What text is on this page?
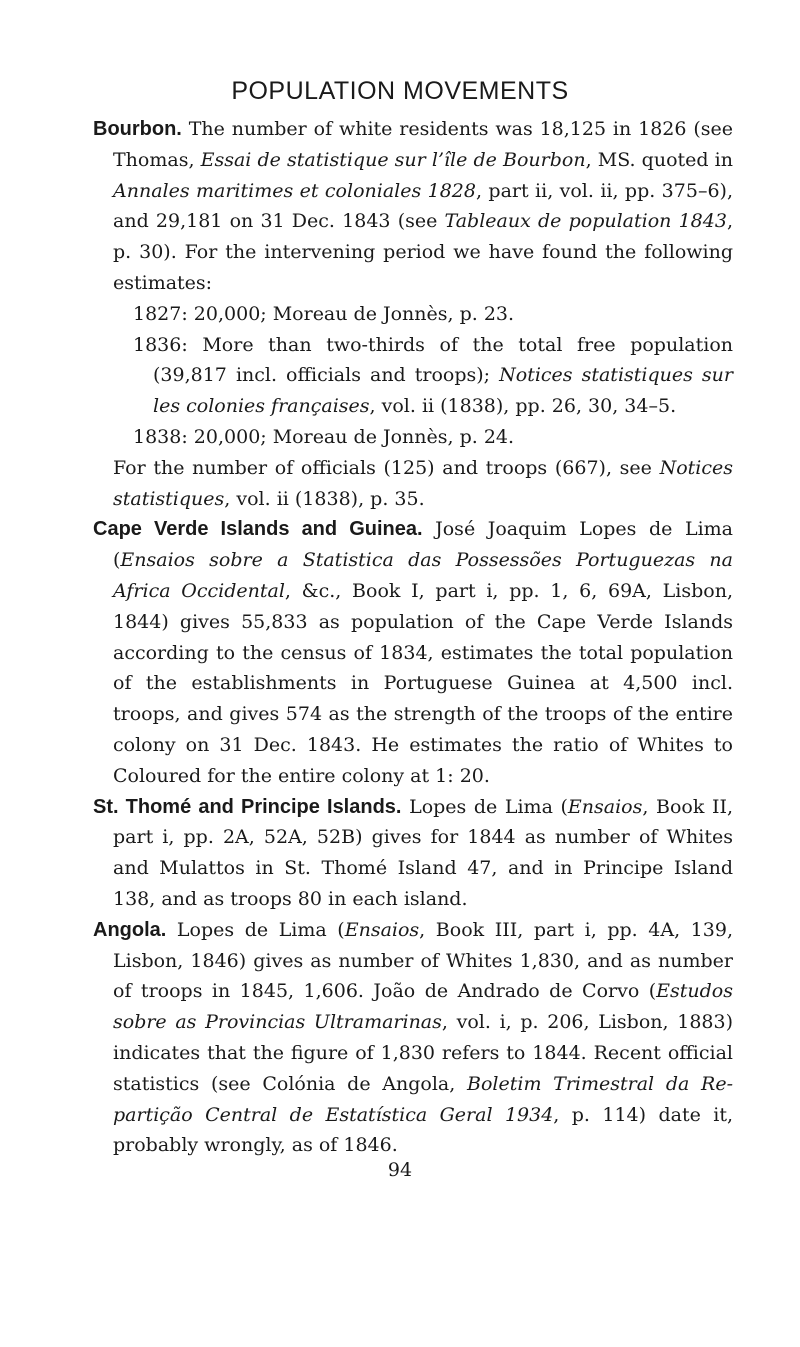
POPULATION MOVEMENTS

Bourbon. The number of white residents was 18,125 in 1826 (see Thomas, Essai de statistique sur l’île de Bourbon, MS. quoted in Annales maritimes et coloniales 1828, part ii, vol. ii, pp. 375–6), and 29,181 on 31 Dec. 1843 (see Tableaux de population 1843, p. 30). For the intervening period we have found the following estimates:
1827: 20,000; Moreau de Jonnès, p. 23.
1836: More than two-thirds of the total free population (39,817 incl. officials and troops); Notices statistiques sur les colonies françaises, vol. ii (1838), pp. 26, 30, 34–5.
1838: 20,000; Moreau de Jonnès, p. 24.
For the number of officials (125) and troops (667), see Notices statistiques, vol. ii (1838), p. 35.

Cape Verde Islands and Guinea. José Joaquim Lopes de Lima (Ensaios sobre a Statistica das Possessões Portuguezas na Africa Occidental, &c., Book I, part i, pp. 1, 6, 69A, Lisbon, 1844) gives 55,833 as population of the Cape Verde Islands according to the census of 1834, estimates the total population of the establishments in Portuguese Guinea at 4,500 incl. troops, and gives 574 as the strength of the troops of the entire colony on 31 Dec. 1843. He estimates the ratio of Whites to Coloured for the entire colony at 1: 20.

St. Thomé and Principe Islands. Lopes de Lima (Ensaios, Book II, part i, pp. 2A, 52A, 52B) gives for 1844 as number of Whites and Mulattos in St. Thomé Island 47, and in Principe Island 138, and as troops 80 in each island.

Angola. Lopes de Lima (Ensaios, Book III, part i, pp. 4A, 139, Lisbon, 1846) gives as number of Whites 1,830, and as number of troops in 1845, 1,606. João de Andrado de Corvo (Estudos sobre as Provincias Ultramarinas, vol. i, p. 206, Lisbon, 1883) indicates that the figure of 1,830 refers to 1844. Recent official statistics (see Colónia de Angola, Boletim Trimestral da Repartição Central de Estatística Geral 1934, p. 114) date it, probably wrongly, as of 1846.

94
